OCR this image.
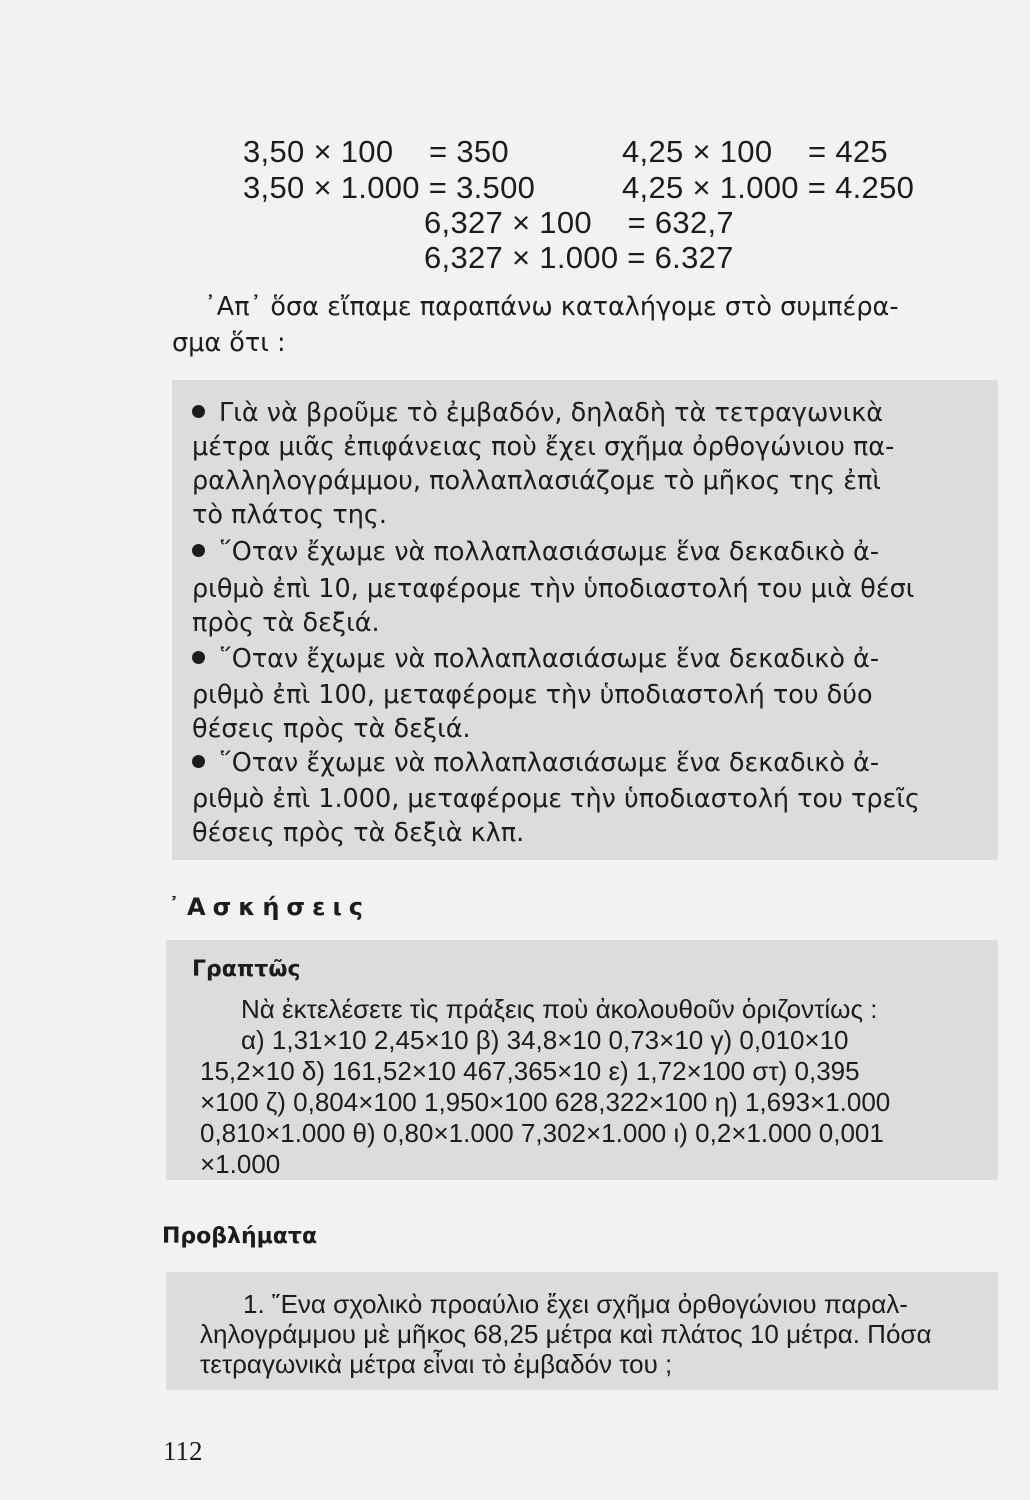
3,50 × 100    = 350	4,25 × 100    = 425
3,50 × 1.000 = 3.500	4,25 × 1.000 = 4.250
6,327 × 100    = 632,7
6,327 × 1.000 = 6.327
᾿Απ᾿ ὅσα εἴπαμε παραπάνω καταλήγομε στὸ συμπέρα-
σμα ὅτι :
Γιὰ νὰ βροῦμε τὸ ἐμβαδόν, δηλαδὴ τὰ τετραγωνικὰ
μέτρα μιᾶς ἐπιφάνειας ποὺ ἔχει σχῆμα ὀρθογώνιου πα-
ραλληλογράμμου, πολλαπλασιάζομε τὸ μῆκος της ἐπὶ
τὸ πλάτος της.
῞Οταν ἔχωμε νὰ πολλαπλασιάσωμε ἕνα δεκαδικὸ ἀ-
ριθμὸ ἐπὶ 10, μεταφέρομε τὴν ὑποδιαστολή του μιὰ θέσι
πρὸς τὰ δεξιά.
῞Οταν ἔχωμε νὰ πολλαπλασιάσωμε ἕνα δεκαδικὸ ἀ-
ριθμὸ ἐπὶ 100, μεταφέρομε τὴν ὑποδιαστολή του δύο
θέσεις πρὸς τὰ δεξιά.
῞Οταν ἔχωμε νὰ πολλαπλασιάσωμε ἕνα δεκαδικὸ ἀ-
ριθμὸ ἐπὶ 1.000, μεταφέρομε τὴν ὑποδιαστολή του τρεῖς
θέσεις πρὸς τὰ δεξιὰ κλπ.
᾿Ασκήσεις
Γραπτῶς
Νὰ ἐκτελέσετε τὶς πράξεις ποὺ ἀκολουθοῦν ὁριζοντίως :
α) 1,31×10 2,45×10 β) 34,8×10 0,73×10 γ) 0,010×10
15,2×10 δ) 161,52×10 467,365×10 ε) 1,72×100 στ) 0,395
×100 ζ) 0,804×100 1,950×100 628,322×100 η) 1,693×1.000
0,810×1.000 θ) 0,80×1.000 7,302×1.000 ι) 0,2×1.000 0,001
×1.000
Προβλήματα
1. ῞Ενα σχολικὸ προαύλιο ἔχει σχῆμα ὀρθογώνιου παραλ-
ληλογράμμου μὲ μῆκος 68,25 μέτρα καὶ πλάτος 10 μέτρα. Πόσα
τετραγωνικὰ μέτρα εἶναι τὸ ἐμβαδόν του ;
112
